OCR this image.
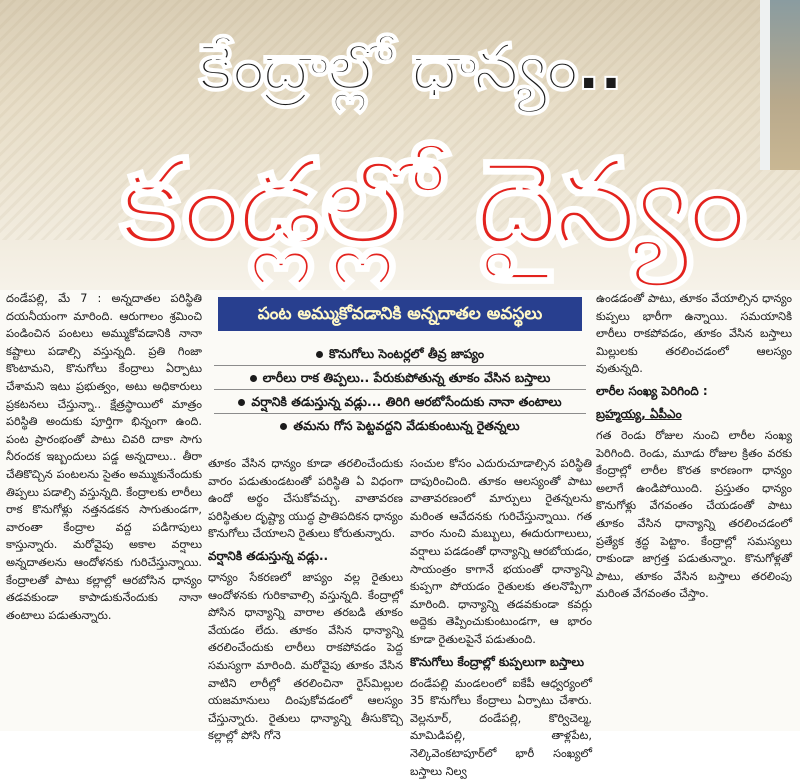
కేంద్రాల్లో ధాన్యం..
కండ్లల్లో దైన్యం
పంట అమ్ముకోవడానికి అన్నదాతల అవస్థలు
కొనుగోలు సెంటర్లలో తీవ్ర జాప్యం
లారీలు రాక తిప్పలు.. పేరుకుపోతున్న తూకం వేసిన బస్తాలు
వర్షానికి తడుస్తున్న వడ్లు... తిరిగి ఆరబోసేందుకు నానా తంటాలు
తమను గోస పెట్టవద్దని వేడుకుంటున్న రైతన్నలు

దండేపల్లి, మే 7 : అన్నదాతల పరిస్థితి దయనీయంగా మారింది. ఆరుగాలం శ్రమించి పండించిన పంటలు అమ్ముకోవడానికి నానా కష్టాలు పడాల్సి వస్తున్నది. ప్రతి గింజా కొంటామని, కొనుగోలు కేంద్రాలు ఏర్పాటు చేశామని ఇటు ప్రభుత్వం, అటు అధికారులు ప్రకటనలు చేస్తున్నా.. క్షేత్రస్థాయిలో మాత్రం పరిస్థితి అందుకు పూర్తిగా భిన్నంగా ఉంది. పంట ప్రారంభంతో పాటు చివరి దాకా సాగు నీరందక ఇబ్బందులు పడ్డ అన్నదాలు.. తీరా చేతికొచ్చిన పంటలను సైతం అమ్ముకునేందుకు తిప్పలు పడాల్సి వస్తున్నది. కేంద్రాలకు లారీలు రాక కొనుగోళ్లు నత్తనడకన సాగుతుండగా, వారంతా కేంద్రాల వద్ద పడిగాపులు కాస్తున్నారు. మరోవైపు అకాల వర్షాలు అన్నదాతలను ఆందోళనకు గురిచేస్తున్నాయి. కేంద్రాలతో పాటు కల్లాల్లో ఆరబోసిన ధాన్యం తడవకుండా కాపాడుకునేందుకు నానా తంటాలు పడుతున్నారు.

తూకం వేసిన ధాన్యం కూడా తరలించేందుకు వారం పడుతుండటంతో పరిస్థితి ఏ విధంగా ఉందో అర్థం చేసుకోవచ్చు. వాతావరణ పరిస్థితుల దృష్ట్యా యుద్ధ ప్రాతిపదికన ధాన్యం కొనుగోలు చేయాలని రైతులు కోరుతున్నారు.

వర్షానికి తడుస్తున్న వడ్లు..

ధాన్యం సేకరణలో జాప్యం వల్ల రైతులు ఆందోళనకు గురికావాల్సి వస్తున్నది. కేంద్రాల్లో పోసిన ధాన్యాన్ని వారాల తరబడి తూకం వేయడం లేదు. తూకం వేసిన ధాన్యాన్ని తరలించేందుకు లారీలు రాకపోవడం పెద్ద సమస్యగా మారింది. మరోవైపు తూకం వేసిన వాటిని లారీల్లో తరలించినా రైస్‌మిల్లుల యజమానులు దింపుకోవడంలో ఆలస్యం చేస్తున్నారు. రైతులు ధాన్యాన్ని తీసుకొచ్చి కల్లాల్లో పోసి గోనె

సంచుల కోసం ఎదురుచూడాల్సిన పరిస్థితి దాపురించింది. తూకం ఆలస్యంతో పాటు వాతావరణంలో మార్పులు రైతన్నలను మరింత ఆవేదనకు గురిచేస్తున్నాయి. గత వారం నుంచి మబ్బులు, ఈదురుగాలులు, వర్షాలు పడ‌‌‌డంతో ధాన్యాన్ని ఆరబోయడం, సాయంత్రం కాగానే భయంతో ధాన్యాన్ని కుప్పగా పోయడం రైతులకు తలనొప్పిగా మారింది. ధాన్యాన్ని తడవకుండా కవర్లు అద్దెకు తెప్పించుకుంటుండగా, ఆ భారం కూడా రైతులపైనే పడుతుంది.

కొనుగోలు కేంద్రాల్లో కుప్పలుగా బస్తాలు

దండేపల్లి మండలంలో ఐకేపీ ఆధ్వర్యంలో 35 కొనుగోలు కేంద్రాలు ఏర్పాటు చేశారు. వెల్లనూర్, దండేపల్లి, కొర్విచెల్మ, మామిడిపల్లి, తాళ్లపేట, నెల్కివెంకటాపూర్‌లో భారీ సంఖ్యలో బస్తాలు నిల్వ

ఉండడంతో పాటు, తూకం వేయాల్సిన ధాన్యం కుప్పలు భారీగా ఉన్నాయి. సమయానికి లారీలు రాకపోవడం, తూకం వేసిన బస్తాలు మిల్లులకు తరలించడంలో ఆలస్యం వుతున్నది.

లారీల సంఖ్య పెరిగింది :
బ్రహ్మయ్య, ఏపీఎం

గత రెండు రోజుల నుంచి లారీల సంఖ్య పెరిగింది. రెండు, మూడు రోజుల క్రితం వరకు కేంద్రాల్లో లారీల కొరత కారణంగా ధాన్యం అలాగే ఉండిపోయింది. ప్రస్తుతం ధాన్యం కొనుగోళ్లు వేగవంతం చేయడంతో పాటు తూకం వేసిన ధాన్యాన్ని తరలించడంలో ప్రత్యేక శ్రద్ధ పెట్టాం. కేంద్రాల్లో సమస్యలు రాకుండా జాగ్రత్త పడుతున్నాం. కొనుగోళ్లతో పాటు, తూకం వేసిన బస్తాలు తరలింపు మరింత వేగవంతం చేస్తాం.
